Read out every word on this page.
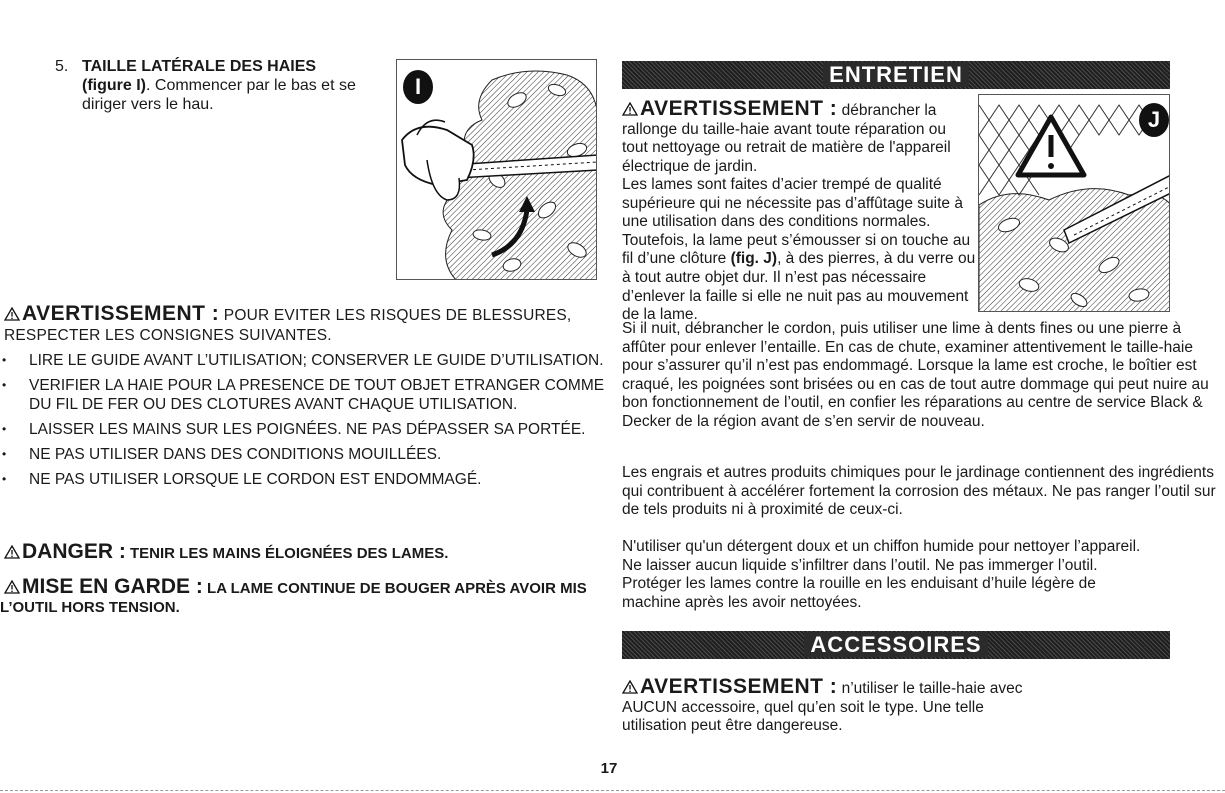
5. TAILLE LATÉRALE DES HAIES
(figure I). Commencer par le bas et se diriger vers le hau.
I
AVERTISSEMENT : POUR EVITER LES RISQUES DE BLESSURES, RESPECTER LES CONSIGNES SUIVANTES.
• LIRE LE GUIDE AVANT L’UTILISATION; CONSERVER LE GUIDE D’UTILISATION.
• VERIFIER LA HAIE POUR LA PRESENCE DE TOUT OBJET ETRANGER COMME DU FIL DE FER OU DES CLOTURES AVANT CHAQUE UTILISATION.
• LAISSER LES MAINS SUR LES POIGNÉES. NE PAS DÉPASSER SA PORTÉE.
• NE PAS UTILISER DANS DES CONDITIONS MOUILLÉES.
• NE PAS UTILISER LORSQUE LE CORDON EST ENDOMMAGÉ.
DANGER : TENIR LES MAINS ÉLOIGNÉES DES LAMES.
MISE EN GARDE : LA LAME CONTINUE DE BOUGER APRÈS AVOIR MIS L’OUTIL HORS TENSION.
ENTRETIEN
J

AVERTISSEMENT : débrancher la rallonge du taille-haie avant toute réparation ou tout nettoyage ou retrait de matière de l'appareil électrique de jardin.

Les lames sont faites d’acier trempé de qualité supérieure qui ne nécessite pas d’affûtage suite à une utilisation dans des conditions normales. Toutefois, la lame peut s’émousser si on touche au fil d’une clôture (fig. J), à des pierres, à du verre ou à tout autre objet dur. Il n’est pas nécessaire d’enlever la faille si elle ne nuit pas au mouvement de la lame.

Si il nuit, débrancher le cordon, puis utiliser une lime à dents fines ou une pierre à affûter pour enlever l’entaille. En cas de chute, examiner attentivement le taille-haie pour s’assurer qu’il n’est pas endommagé. Lorsque la lame est croche, le boîtier est craqué, les poignées sont brisées ou en cas de tout autre dommage qui peut nuire au bon fonctionnement de l’outil, en confier les réparations au centre de service Black & Decker de la région avant de s’en servir de nouveau.

Les engrais et autres produits chimiques pour le jardinage contiennent des ingrédients qui contribuent à accélérer fortement la corrosion des métaux. Ne pas ranger l’outil sur de tels produits ni à proximité de ceux-ci.

N'utiliser qu'un détergent doux et un chiffon humide pour nettoyer l’appareil. Ne laisser aucun liquide s’infiltrer dans l’outil. Ne pas immerger l’outil. Protéger les lames contre la rouille en les enduisant d’huile légère de machine après les avoir nettoyées.

ACCESSOIRES

AVERTISSEMENT : n’utiliser le taille-haie avec AUCUN accessoire, quel qu’en soit le type. Une telle utilisation peut être dangereuse.

17
